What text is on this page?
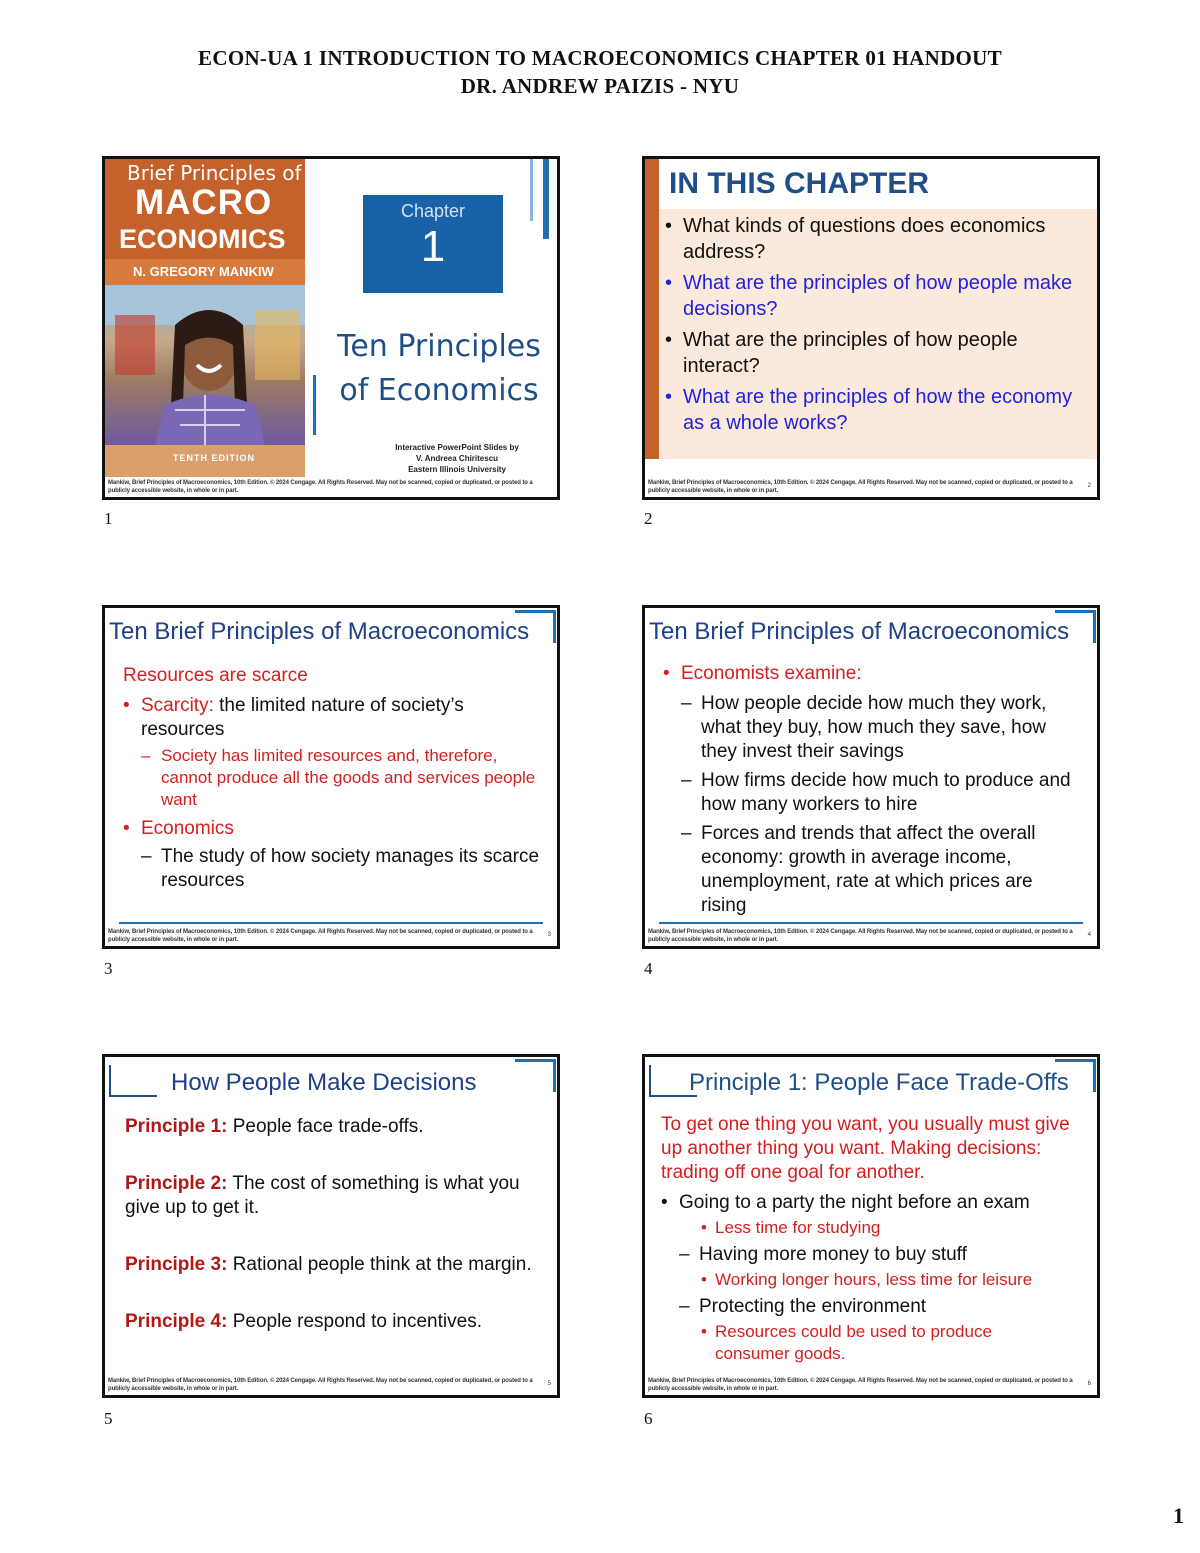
ECON-UA 1 INTRODUCTION TO MACROECONOMICS CHAPTER 01 HANDOUT
DR. ANDREW PAIZIS - NYU
Brief Principles of
MACRO
ECONOMICS
N. GREGORY MANKIW
TENTH EDITION
Chapter
1
Ten Principles
of Economics
Interactive PowerPoint Slides by
V. Andreea Chiritescu
Eastern Illinois University
Mankiw, Brief Principles of Macroeconomics, 10th Edition. © 2024 Cengage. All Rights Reserved. May not be scanned, copied or duplicated, or posted to a publicly accessible website, in whole or in part.
1
IN THIS CHAPTER
• What kinds of questions does economics address?
• What are the principles of how people make decisions?
• What are the principles of how people interact?
• What are the principles of how the economy as a whole works?
Mankiw, Brief Principles of Macroeconomics, 10th Edition. © 2024 Cengage. All Rights Reserved. May not be scanned, copied or duplicated, or posted to a publicly accessible website, in whole or in part.
2
2
Ten Brief Principles of Macroeconomics
Resources are scarce
• Scarcity: the limited nature of society’s resources
– Society has limited resources and, therefore, cannot produce all the goods and services people want
• Economics
– The study of how society manages its scarce resources
Mankiw, Brief Principles of Macroeconomics, 10th Edition. © 2024 Cengage. All Rights Reserved. May not be scanned, copied or duplicated, or posted to a publicly accessible website, in whole or in part.
3
3
Ten Brief Principles of Macroeconomics
• Economists examine:
– How people decide how much they work, what they buy, how much they save, how they invest their savings
– How firms decide how much to produce and how many workers to hire
– Forces and trends that affect the overall economy: growth in average income, unemployment, rate at which prices are rising
Mankiw, Brief Principles of Macroeconomics, 10th Edition. © 2024 Cengage. All Rights Reserved. May not be scanned, copied or duplicated, or posted to a publicly accessible website, in whole or in part.
4
4
How People Make Decisions
Principle 1: People face trade-offs.
Principle 2: The cost of something is what you give up to get it.
Principle 3: Rational people think at the margin.
Principle 4: People respond to incentives.
Mankiw, Brief Principles of Macroeconomics, 10th Edition. © 2024 Cengage. All Rights Reserved. May not be scanned, copied or duplicated, or posted to a publicly accessible website, in whole or in part.
5
5
Principle 1: People Face Trade-Offs
To get one thing you want, you usually must give up another thing you want. Making decisions: trading off one goal for another.
• Going to a party the night before an exam
• Less time for studying
– Having more money to buy stuff
• Working longer hours, less time for leisure
– Protecting the environment
• Resources could be used to produce consumer goods.
Mankiw, Brief Principles of Macroeconomics, 10th Edition. © 2024 Cengage. All Rights Reserved. May not be scanned, copied or duplicated, or posted to a publicly accessible website, in whole or in part.
6
6
1
